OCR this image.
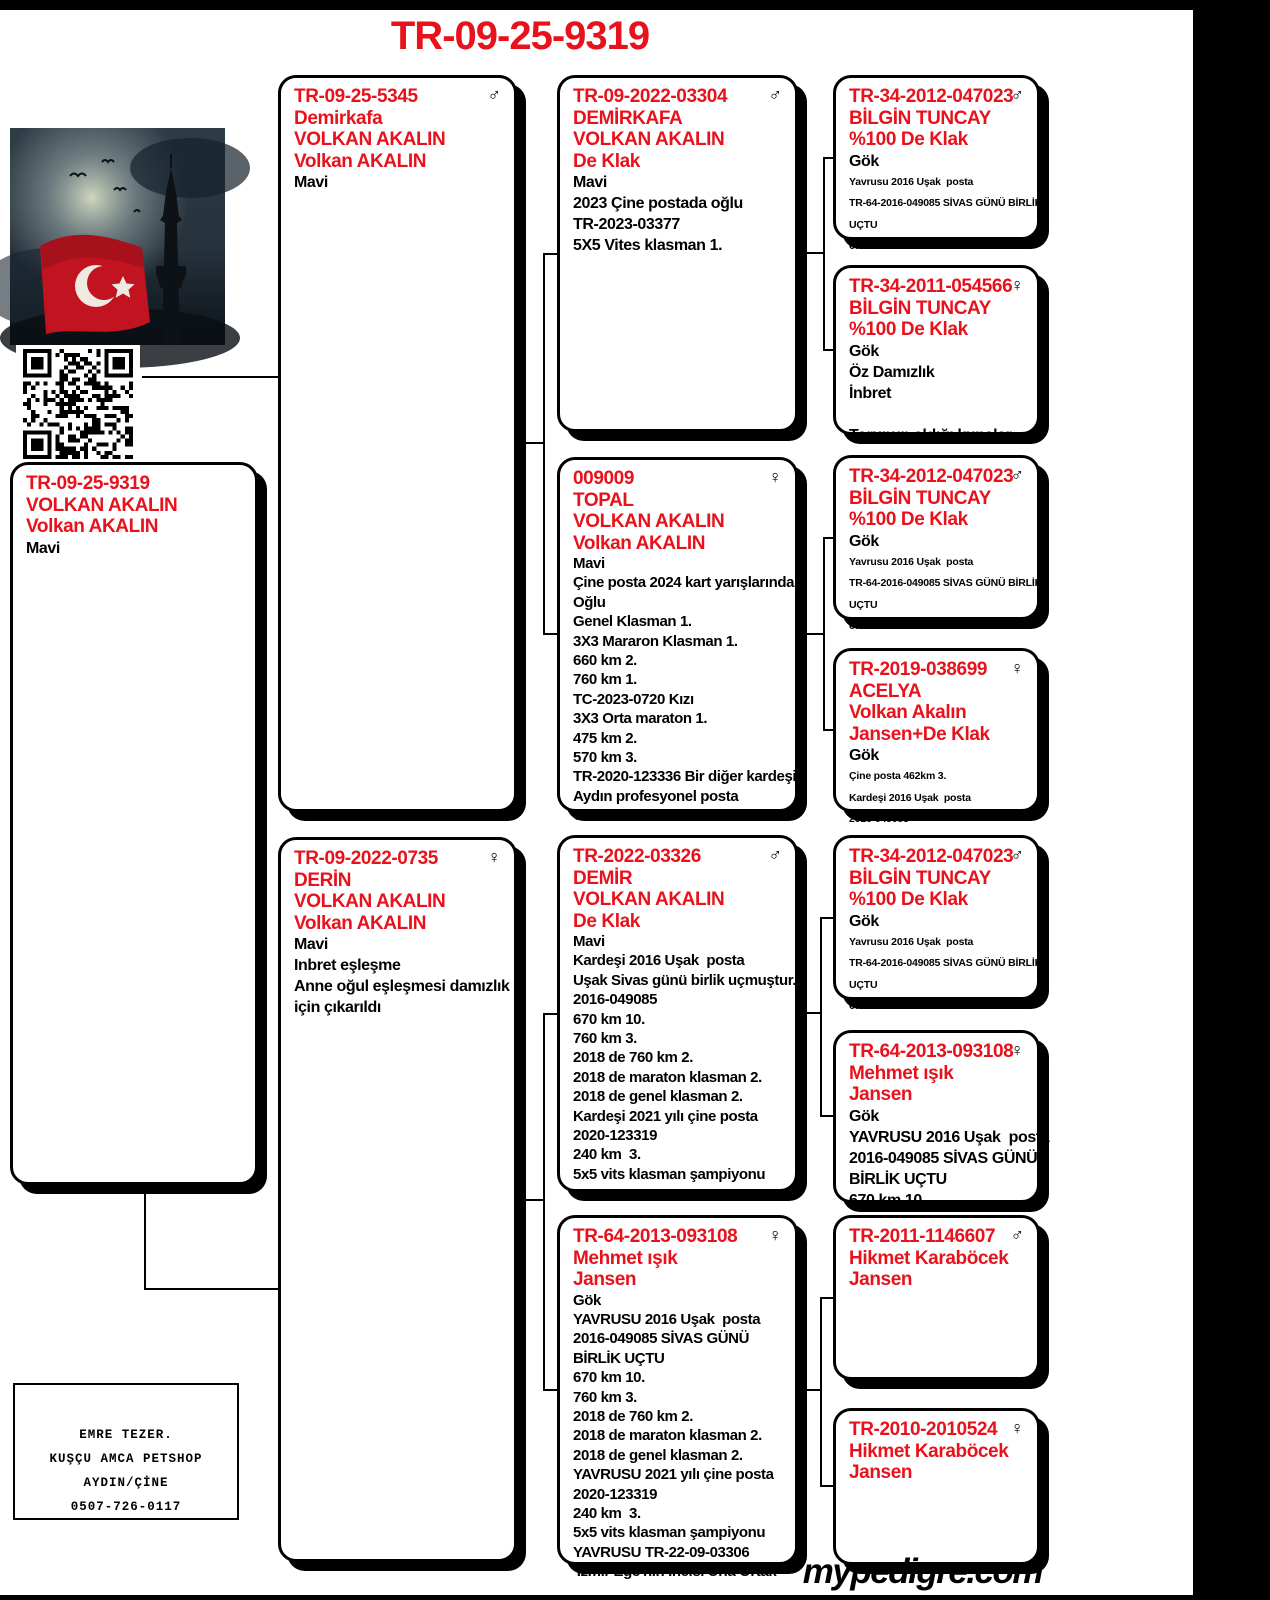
TR-09-25-9319
TR-09-25-9319
VOLKAN AKALIN
Volkan AKALIN
Mavi
♂
TR-09-25-5345
Demirkafa
VOLKAN AKALIN
Volkan AKALIN
Mavi
♀
TR-09-2022-0735
DERİN
VOLKAN AKALIN
Volkan AKALIN
Mavi
Inbret eşleşme
Anne oğul eşleşmesi damızlık
için çıkarıldı
♂
TR-09-2022-03304
DEMİRKAFA
VOLKAN AKALIN
De Klak
Mavi
2023 Çine postada oğlu
TR-2023-03377
5X5 Vites klasman 1.
♀
009009
TOPAL
VOLKAN AKALIN
Volkan AKALIN
Mavi
Çine posta 2024 kart yarışlarında
Oğlu
Genel Klasman 1.
3X3 Mararon Klasman 1.
660 km 2.
760 km 1.
TC-2023-0720 Kızı
3X3 Orta maraton 1.
475 km 2.
570 km 3.
TR-2020-123336 Bir diğer kardeşi
Aydın profesyonel posta
Genel klasman 2.
♂
TR-2022-03326
DEMİR
VOLKAN AKALIN
De Klak
Mavi
Kardeşi 2016 Uşak  posta
Uşak Sivas günü birlik uçmuştur.
2016-049085
670 km 10.
760 km 3.
2018 de 760 km 2.
2018 de maraton klasman 2.
2018 de genel klasman 2.
Kardeşi 2021 yılı çine posta
2020-123319
240 km  3.
5x5 vits klasman şampiyonu
♀
TR-64-2013-093108
Mehmet ışık
Jansen
Gök
YAVRUSU 2016 Uşak  posta
2016-049085 SİVAS GÜNÜ
BİRLİK UÇTU
670 km 10.
760 km 3.
2018 de 760 km 2.
2018 de maraton klasman 2.
2018 de genel klasman 2.
YAVRUSU 2021 yılı çine posta
2020-123319
240 km  3.
5x5 vits klasman şampiyonu
YAVRUSU TR-22-09-03306
İzmir Ege'nin İncisi Urla Ortak
♂
TR-34-2012-047023
BİLGİN TUNCAY
%100 De Klak
Gök
Yavrusu 2016 Uşak  posta
TR-64-2016-049085 SİVAS GÜNÜ BİRLİK
UÇTU
670 km 10.
♀
TR-34-2011-054566
BİLGİN TUNCAY
%100 De Klak
Gök
Öz Damızlık
İnbret

Torunun aldığı kupalar
♂
TR-34-2012-047023
BİLGİN TUNCAY
%100 De Klak
Gök
Yavrusu 2016 Uşak  posta
TR-64-2016-049085 SİVAS GÜNÜ BİRLİK
UÇTU
670 km 10.
♀
TR-2019-038699
ACELYA
Volkan Akalın
Jansen+De Klak
Gök
Çine posta 462km 3.
Kardeşi 2016 Uşak  posta
2016-049085
♂
TR-34-2012-047023
BİLGİN TUNCAY
%100 De Klak
Gök
Yavrusu 2016 Uşak  posta
TR-64-2016-049085 SİVAS GÜNÜ BİRLİK
UÇTU
670 km 10.
♀
TR-64-2013-093108
Mehmet ışık
Jansen
Gök
YAVRUSU 2016 Uşak  posta
2016-049085 SİVAS GÜNÜ
BİRLİK UÇTU
670 km 10.
♂
TR-2011-1146607
Hikmet Karaböcek
Jansen
♀
TR-2010-2010524
Hikmet Karaböcek
Jansen
EMRE TEZER.
KUŞÇU AMCA PETSHOP
AYDIN/ÇİNE
0507-726-0117
mypedigre.com
